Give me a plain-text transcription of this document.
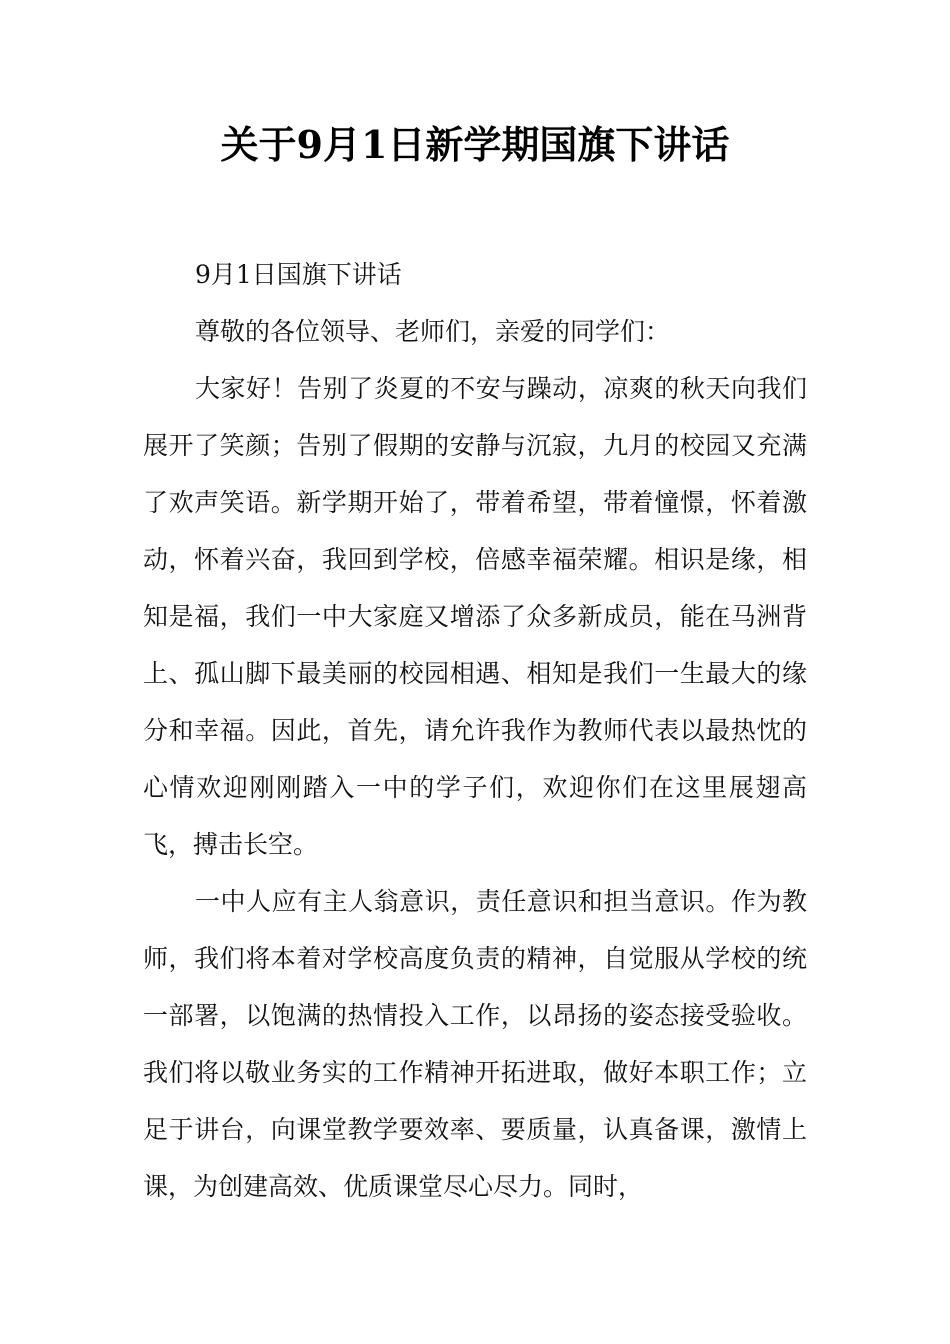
关于9月1日新学期国旗下讲话

9月1日国旗下讲话

尊敬的各位领导、老师们，亲爱的同学们：

大家好！告别了炎夏的不安与躁动，凉爽的秋天向我们展开了笑颜；告别了假期的安静与沉寂，九月的校园又充满了欢声笑语。新学期开始了，带着希望，带着憧憬，怀着激动，怀着兴奋，我回到学校，倍感幸福荣耀。相识是缘，相知是福，我们一中大家庭又增添了众多新成员，能在马洲背上、孤山脚下最美丽的校园相遇、相知是我们一生最大的缘分和幸福。因此，首先，请允许我作为教师代表以最热忱的心情欢迎刚刚踏入一中的学子们，欢迎你们在这里展翅高飞，搏击长空。

一中人应有主人翁意识，责任意识和担当意识。作为教师，我们将本着对学校高度负责的精神，自觉服从学校的统一部署，以饱满的热情投入工作，以昂扬的姿态接受验收。我们将以敬业务实的工作精神开拓进取，做好本职工作；立足于讲台，向课堂教学要效率、要质量，认真备课，激情上课，为创建高效、优质课堂尽心尽力。同时，
